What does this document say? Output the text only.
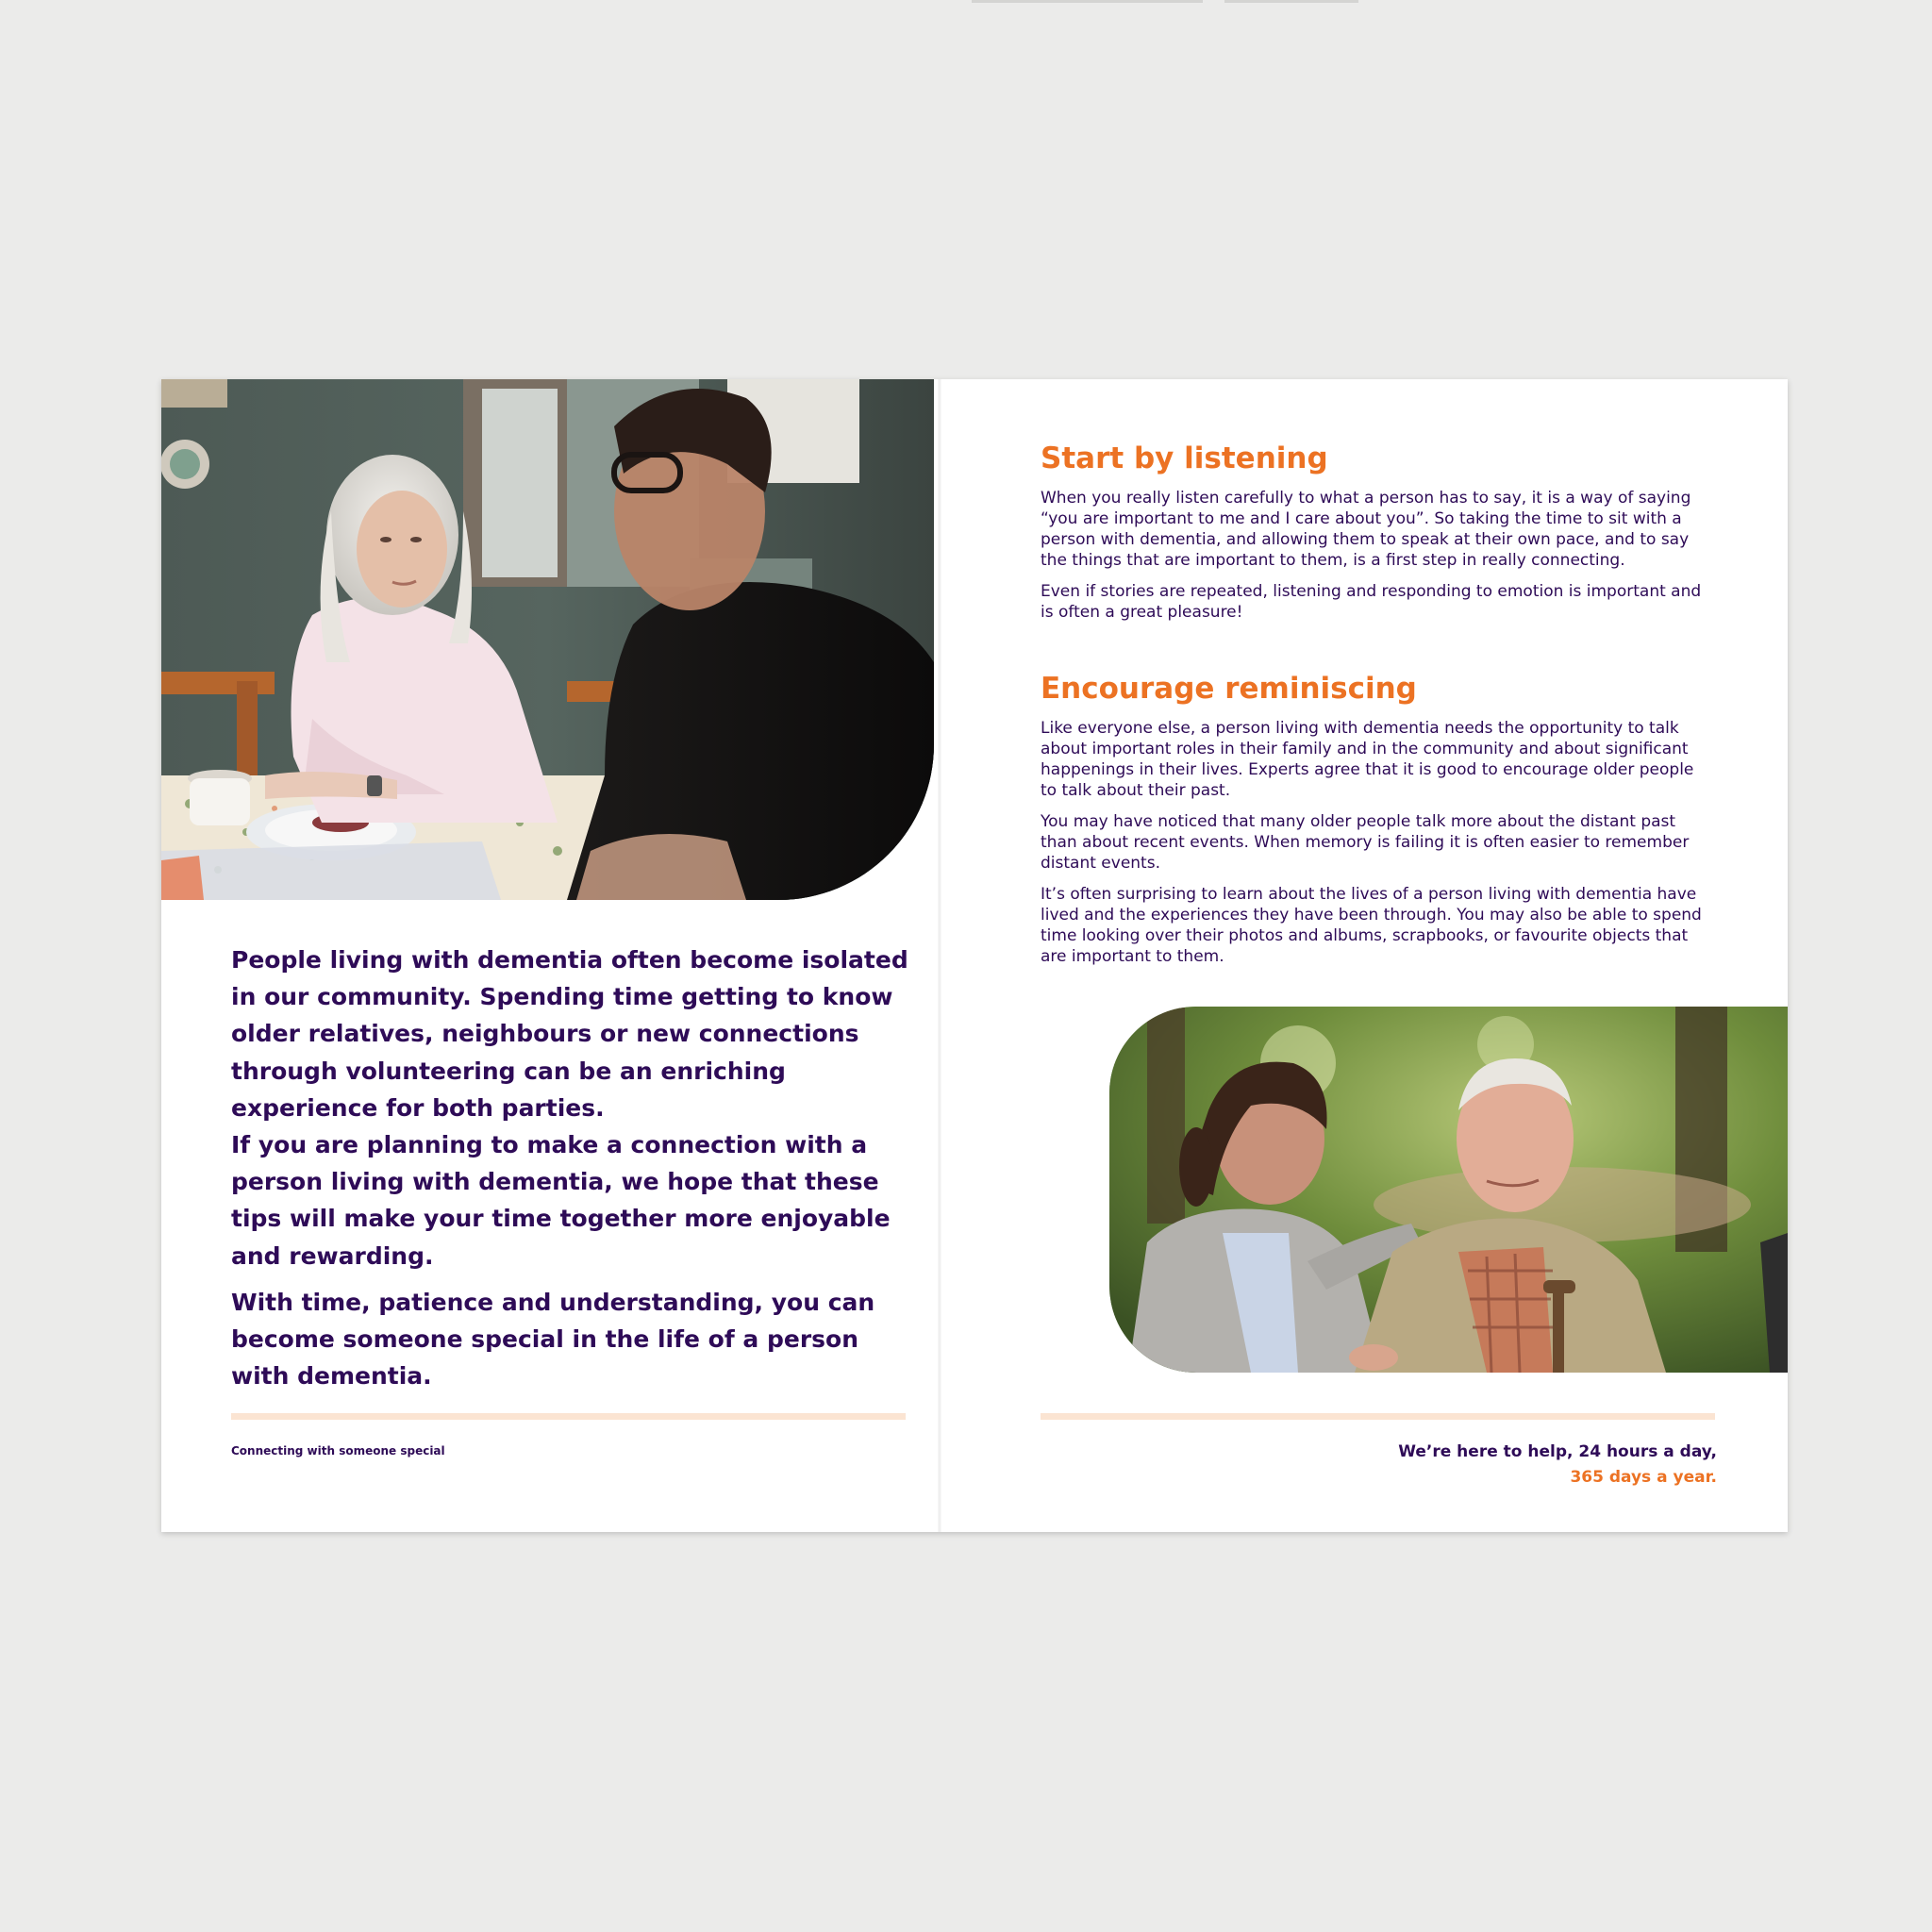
People living with dementia often become isolated in our community. Spending time getting to know older relatives, neighbours or new connections through volunteering can be an enriching experience for both parties.

If you are planning to make a connection with a person living with dementia, we hope that these tips will make your time together more enjoyable and rewarding.

With time, patience and understanding, you can become someone special in the life of a person with dementia.

Connecting with someone special
Start by listening

When you really listen carefully to what a person has to say, it is a way of saying “you are important to me and I care about you”. So taking the time to sit with a person with dementia, and allowing them to speak at their own pace, and to say the things that are important to them, is a first step in really connecting.

Even if stories are repeated, listening and responding to emotion is important and is often a great pleasure!

Encourage reminiscing

Like everyone else, a person living with dementia needs the opportunity to talk about important roles in their family and in the community and about significant happenings in their lives. Experts agree that it is good to encourage older people to talk about their past.

You may have noticed that many older people talk more about the distant past than about recent events. When memory is failing it is often easier to remember distant events.

It’s often surprising to learn about the lives of a person living with dementia have lived and the experiences they have been through. You may also be able to spend time looking over their photos and albums, scrapbooks, or favourite objects that are important to them.

We’re here to help, 24 hours a day,
365 days a year.
